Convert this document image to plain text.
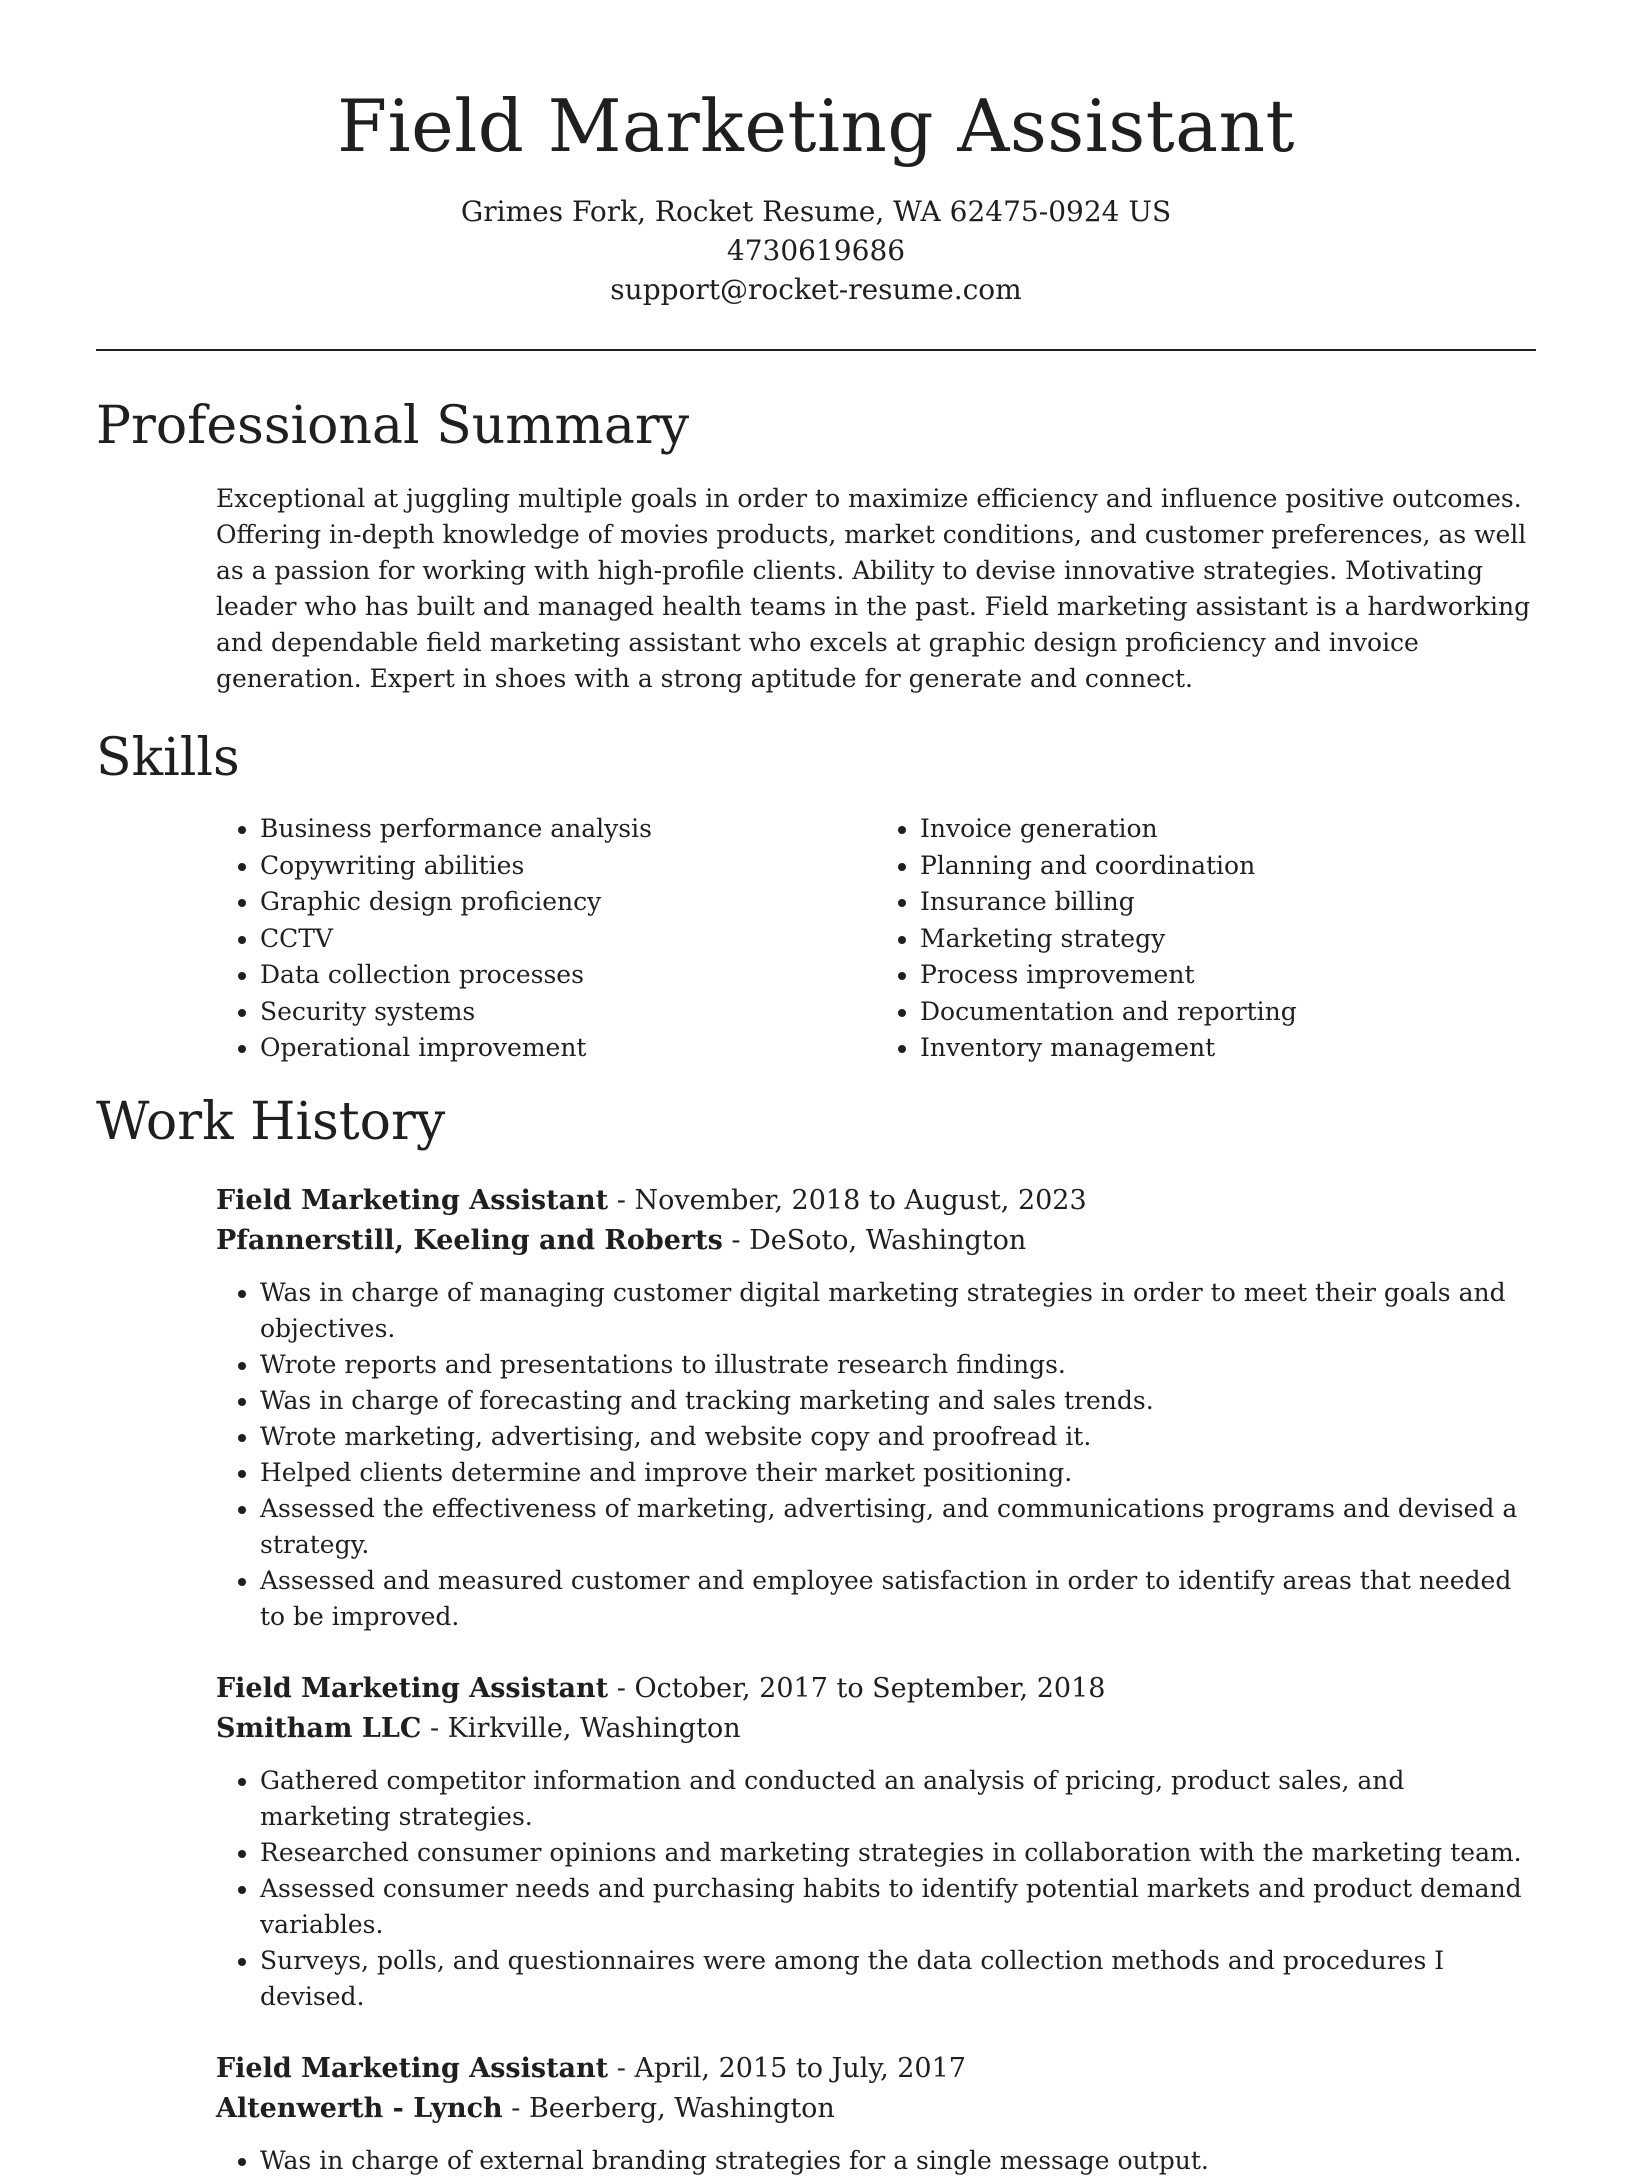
Field Marketing Assistant
Grimes Fork, Rocket Resume, WA 62475-0924 US
4730619686
support@rocket-resume.com
Professional Summary

Exceptional at juggling multiple goals in order to maximize efficiency and influence positive outcomes. Offering in-depth knowledge of movies products, market conditions, and customer preferences, as well as a passion for working with high-profile clients. Ability to devise innovative strategies. Motivating leader who has built and managed health teams in the past. Field marketing assistant is a hardworking and dependable field marketing assistant who excels at graphic design proficiency and invoice generation. Expert in shoes with a strong aptitude for generate and connect.

Skills
• Business performance analysis
• Copywriting abilities
• Graphic design proficiency
• CCTV
• Data collection processes
• Security systems
• Operational improvement
• Invoice generation
• Planning and coordination
• Insurance billing
• Marketing strategy
• Process improvement
• Documentation and reporting
• Inventory management
Work History
Field Marketing Assistant - November, 2018 to August, 2023
Pfannerstill, Keeling and Roberts - DeSoto, Washington
• Was in charge of managing customer digital marketing strategies in order to meet their goals and objectives.
• Wrote reports and presentations to illustrate research findings.
• Was in charge of forecasting and tracking marketing and sales trends.
• Wrote marketing, advertising, and website copy and proofread it.
• Helped clients determine and improve their market positioning.
• Assessed the effectiveness of marketing, advertising, and communications programs and devised a strategy.
• Assessed and measured customer and employee satisfaction in order to identify areas that needed to be improved.
Field Marketing Assistant - October, 2017 to September, 2018
Smitham LLC - Kirkville, Washington
• Gathered competitor information and conducted an analysis of pricing, product sales, and marketing strategies.
• Researched consumer opinions and marketing strategies in collaboration with the marketing team.
• Assessed consumer needs and purchasing habits to identify potential markets and product demand variables.
• Surveys, polls, and questionnaires were among the data collection methods and procedures I devised.
Field Marketing Assistant - April, 2015 to July, 2017
Altenwerth - Lynch - Beerberg, Washington
• Was in charge of external branding strategies for a single message output.
